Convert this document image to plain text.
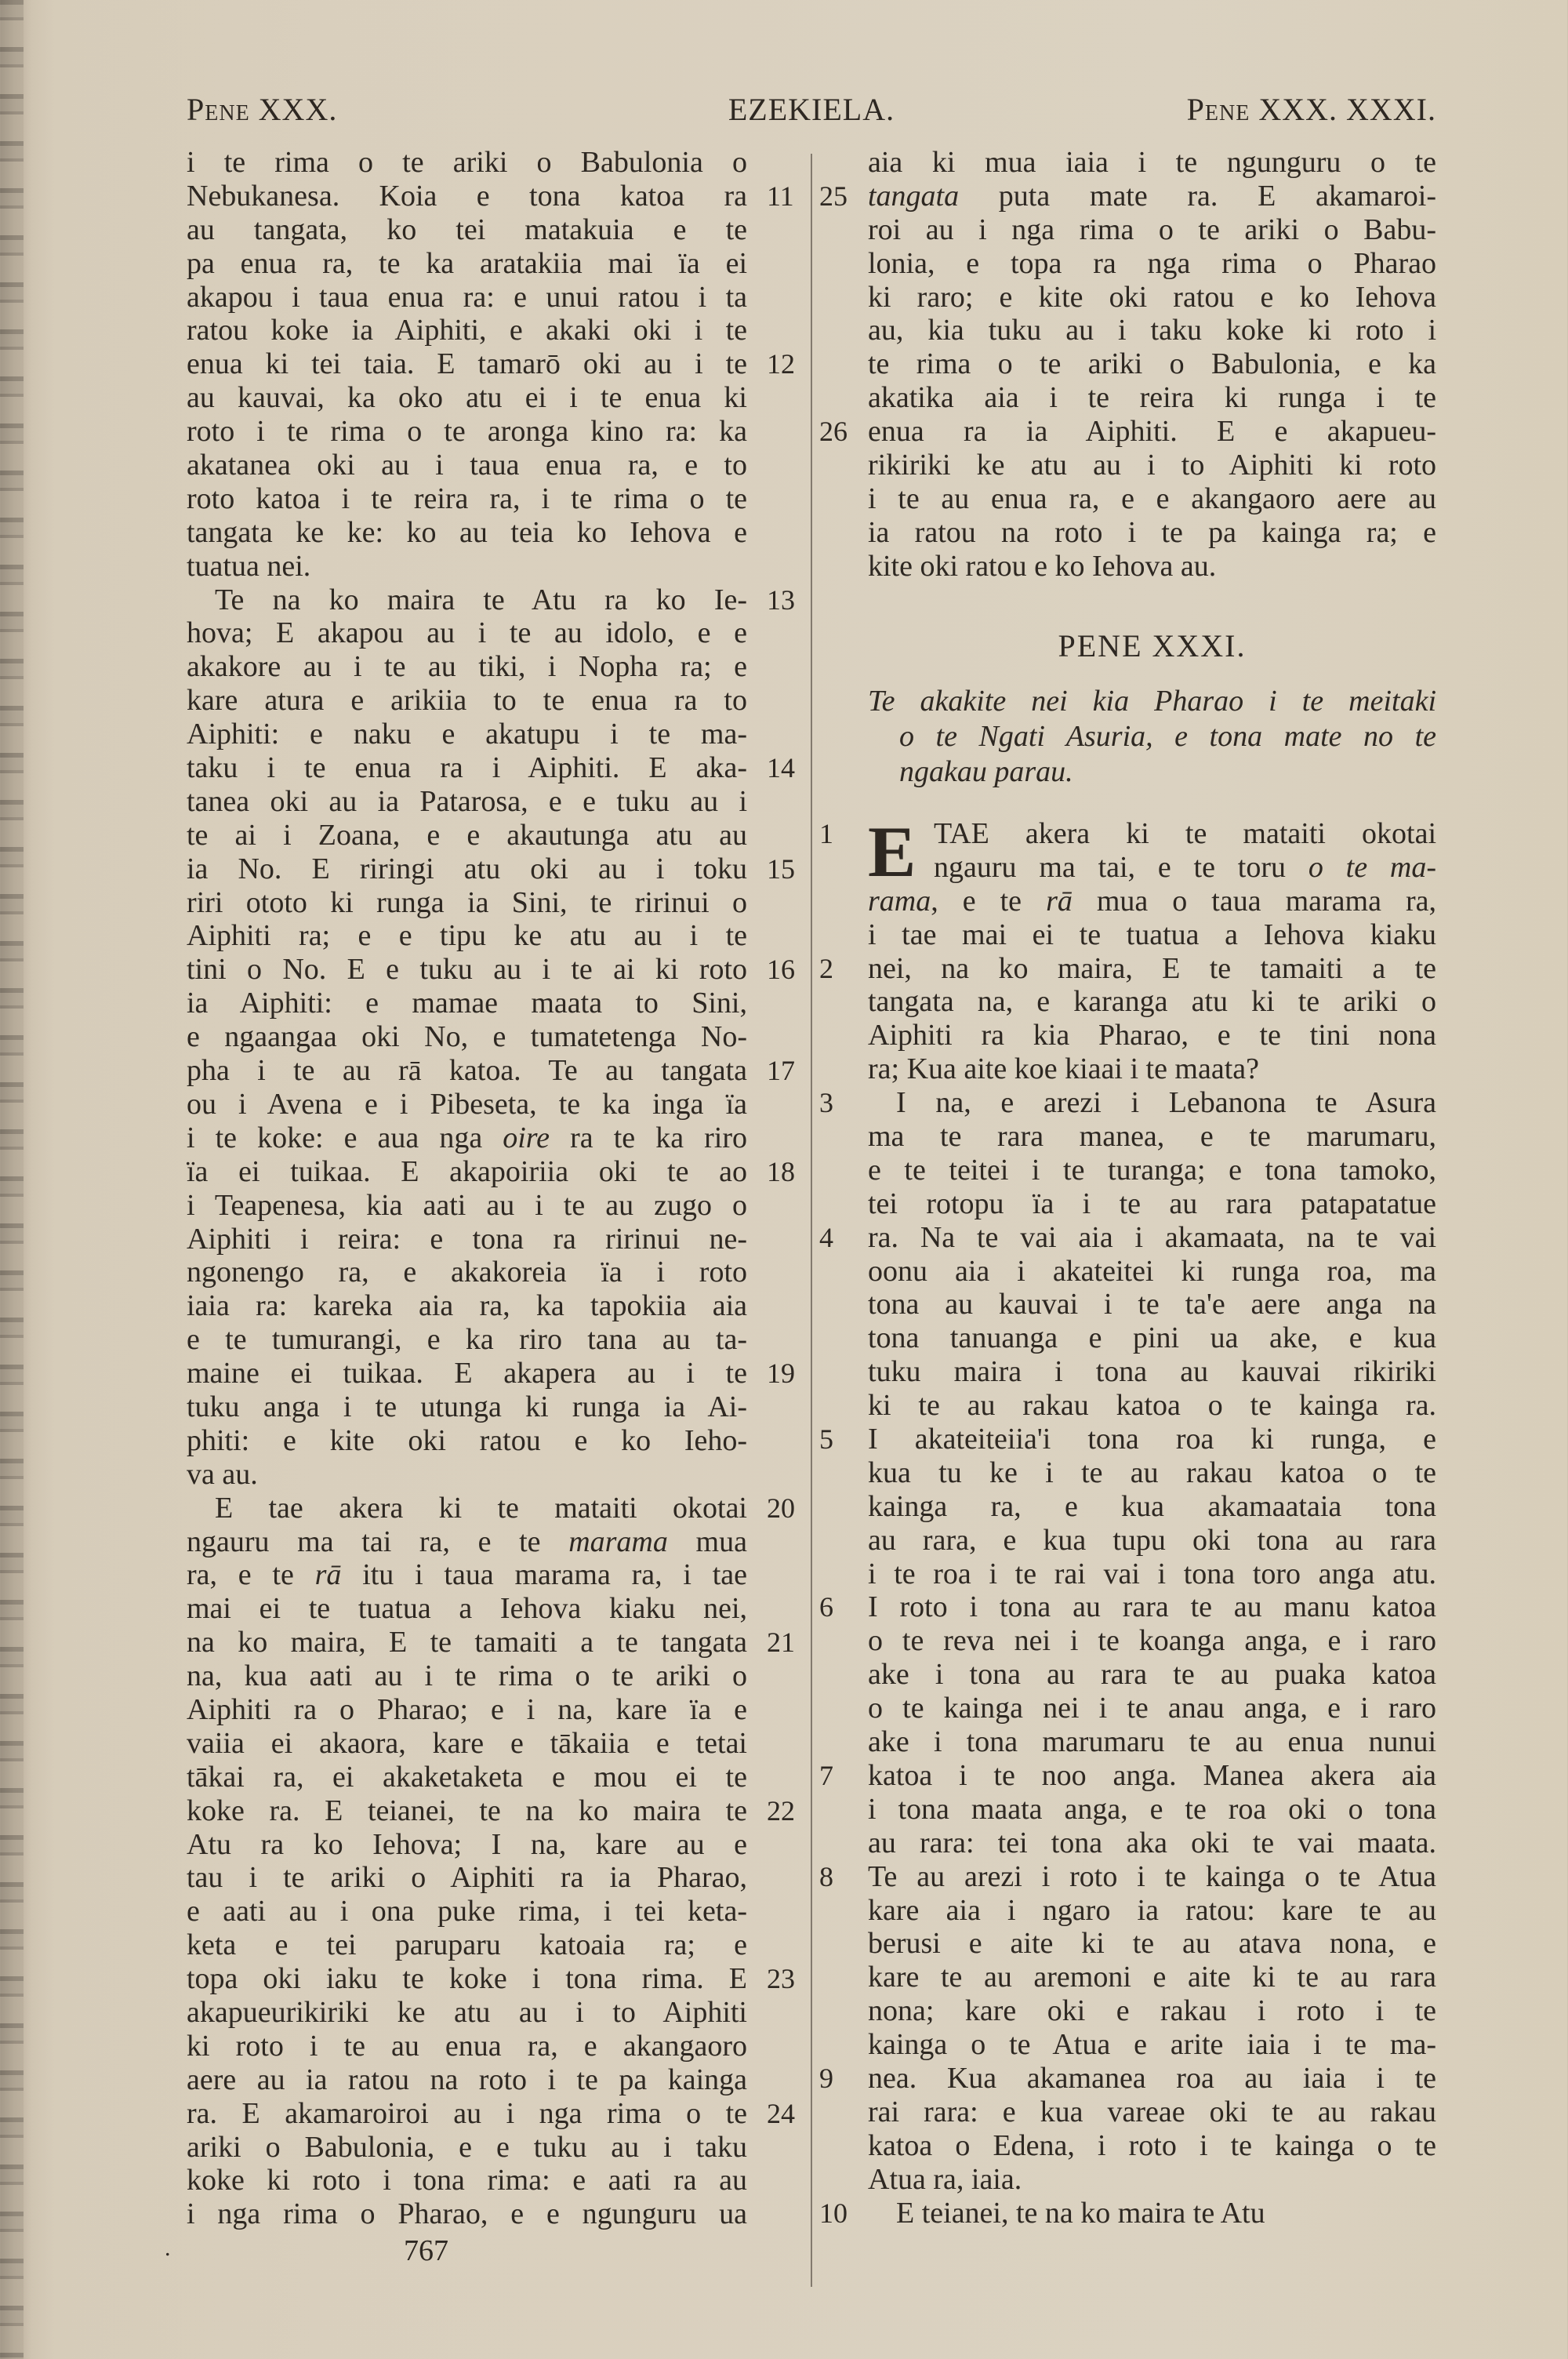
Pene XXX.	EZEKIELA.	Pene XXX. XXXI.
i te rima o te ariki o Babulonia o
Nebukanesa. Koia e tona katoa ra 11
au tangata, ko tei matakuia e te
pa enua ra, te ka aratakiia mai ïa ei
akapou i taua enua ra: e unui ratou i ta
ratou koke ia Aiphiti, e akaki oki i te
enua ki tei taia. E tamarō oki au i te 12
au kauvai, ka oko atu ei i te enua ki
roto i te rima o te aronga kino ra: ka
akatanea oki au i taua enua ra, e to
roto katoa i te reira ra, i te rima o te
tangata ke ke: ko au teia ko Iehova e
tuatua nei.
Te na ko maira te Atu ra ko Ie- 13
hova; E akapou au i te au idolo, e e
akakore au i te au tiki, i Nopha ra; e
kare atura e arikiia to te enua ra to
Aiphiti: e naku e akatupu i te ma-
taku i te enua ra i Aiphiti. E aka- 14
tanea oki au ia Patarosa, e e tuku au i
te ai i Zoana, e e akautunga atu au
ia No. E riringi atu oki au i toku 15
riri ototo ki runga ia Sini, te ririnui o
Aiphiti ra; e e tipu ke atu au i te
tini o No. E e tuku au i te ai ki roto 16
ia Aiphiti: e mamae maata to Sini,
e ngaangaa oki No, e tumatetenga No-
pha i te au rā katoa. Te au tangata 17
ou i Avena e i Pibeseta, te ka inga ïa
i te koke: e aua nga oire ra te ka riro
ïa ei tuikaa. E akapoiriia oki te ao 18
i Teapenesa, kia aati au i te au zugo o
Aiphiti i reira: e tona ra ririnui ne-
ngonengo ra, e akakoreia ïa i roto
iaia ra: kareka aia ra, ka tapokiia aia
e te tumurangi, e ka riro tana au ta-
maine ei tuikaa. E akapera au i te 19
tuku anga i te utunga ki runga ia Ai-
phiti: e kite oki ratou e ko Ieho-
va au.
E tae akera ki te mataiti okotai 20
ngauru ma tai ra, e te marama mua
ra, e te rā itu i taua marama ra, i tae
mai ei te tuatua a Iehova kiaku nei,
na ko maira, E te tamaiti a te tangata 21
na, kua aati au i te rima o te ariki o
Aiphiti ra o Pharao; e i na, kare ïa e
vaiia ei akaora, kare e tākaiia e tetai
tākai ra, ei akaketaketa e mou ei te
koke ra. E teianei, te na ko maira te 22
Atu ra ko Iehova; I na, kare au e
tau i te ariki o Aiphiti ra ia Pharao,
e aati au i ona puke rima, i tei keta-
keta e tei paruparu katoaia ra; e
topa oki iaku te koke i tona rima. E 23
akapueurikiriki ke atu au i to Aiphiti
ki roto i te au enua ra, e akangaoro
aere au ia ratou na roto i te pa kainga
ra. E akamaroiroi au i nga rima o te 24
ariki o Babulonia, e e tuku au i taku
koke ki roto i tona rima: e aati ra au
i nga rima o Pharao, e e ngunguru ua
aia ki mua iaia i te ngunguru o te
tangata puta mate ra. E akamaroi-
25
roi au i nga rima o te ariki o Babu-
lonia, e topa ra nga rima o Pharao
ki raro; e kite oki ratou e ko Iehova
au, kia tuku au i taku koke ki roto i
te rima o te ariki o Babulonia, e ka
akatika aia i te reira ki runga i te
enua ra ia Aiphiti. E e akapueu-
26
rikiriki ke atu au i to Aiphiti ki roto
i te au enua ra, e e akangaoro aere au
ia ratou na roto i te pa kainga ra; e
kite oki ratou e ko Iehova au.
PENE XXXI.
Te akakite nei kia Pharao i te meitaki
o te Ngati Asuria, e tona mate no te
ngakau parau.
E TAE akera ki te mataiti okotai
1
ngauru ma tai, e te toru o te ma-
rama, e te rā mua o taua marama ra,
i tae mai ei te tuatua a Iehova kiaku
nei, na ko maira, E te tamaiti a te
2
tangata na, e karanga atu ki te ariki o
Aiphiti ra kia Pharao, e te tini nona
ra; Kua aite koe kiaai i te maata?
I na, e arezi i Lebanona te Asura
3
ma te rara manea, e te marumaru,
e te teitei i te turanga; e tona tamoko,
tei rotopu ïa i te au rara patapatatue
ra. Na te vai aia i akamaata, na te vai
4
oonu aia i akateitei ki runga roa, ma
tona au kauvai i te ta'e aere anga na
tona tanuanga e pini ua ake, e kua
tuku maira i tona au kauvai rikiriki
ki te au rakau katoa o te kainga ra.
I akateiteiia'i tona roa ki runga, e
5
kua tu ke i te au rakau katoa o te
kainga ra, e kua akamaataia tona
au rara, e kua tupu oki tona au rara
i te roa i te rai vai i tona toro anga atu.
I roto i tona au rara te au manu katoa
6
o te reva nei i te koanga anga, e i raro
ake i tona au rara te au puaka katoa
o te kainga nei i te anau anga, e i raro
ake i tona marumaru te au enua nunui
katoa i te noo anga. Manea akera aia
7
i tona maata anga, e te roa oki o tona
au rara: tei tona aka oki te vai maata.
Te au arezi i roto i te kainga o te Atua
8
kare aia i ngaro ia ratou: kare te au
berusi e aite ki te au atava nona, e
kare te au aremoni e aite ki te au rara
nona; kare oki e rakau i roto i te
kainga o te Atua e arite iaia i te ma-
nea. Kua akamanea roa au iaia i te
9
rai rara: e kua vareae oki te au rakau
katoa o Edena, i roto i te kainga o te
Atua ra, iaia.
E teianei, te na ko maira te Atu
10
.	767
